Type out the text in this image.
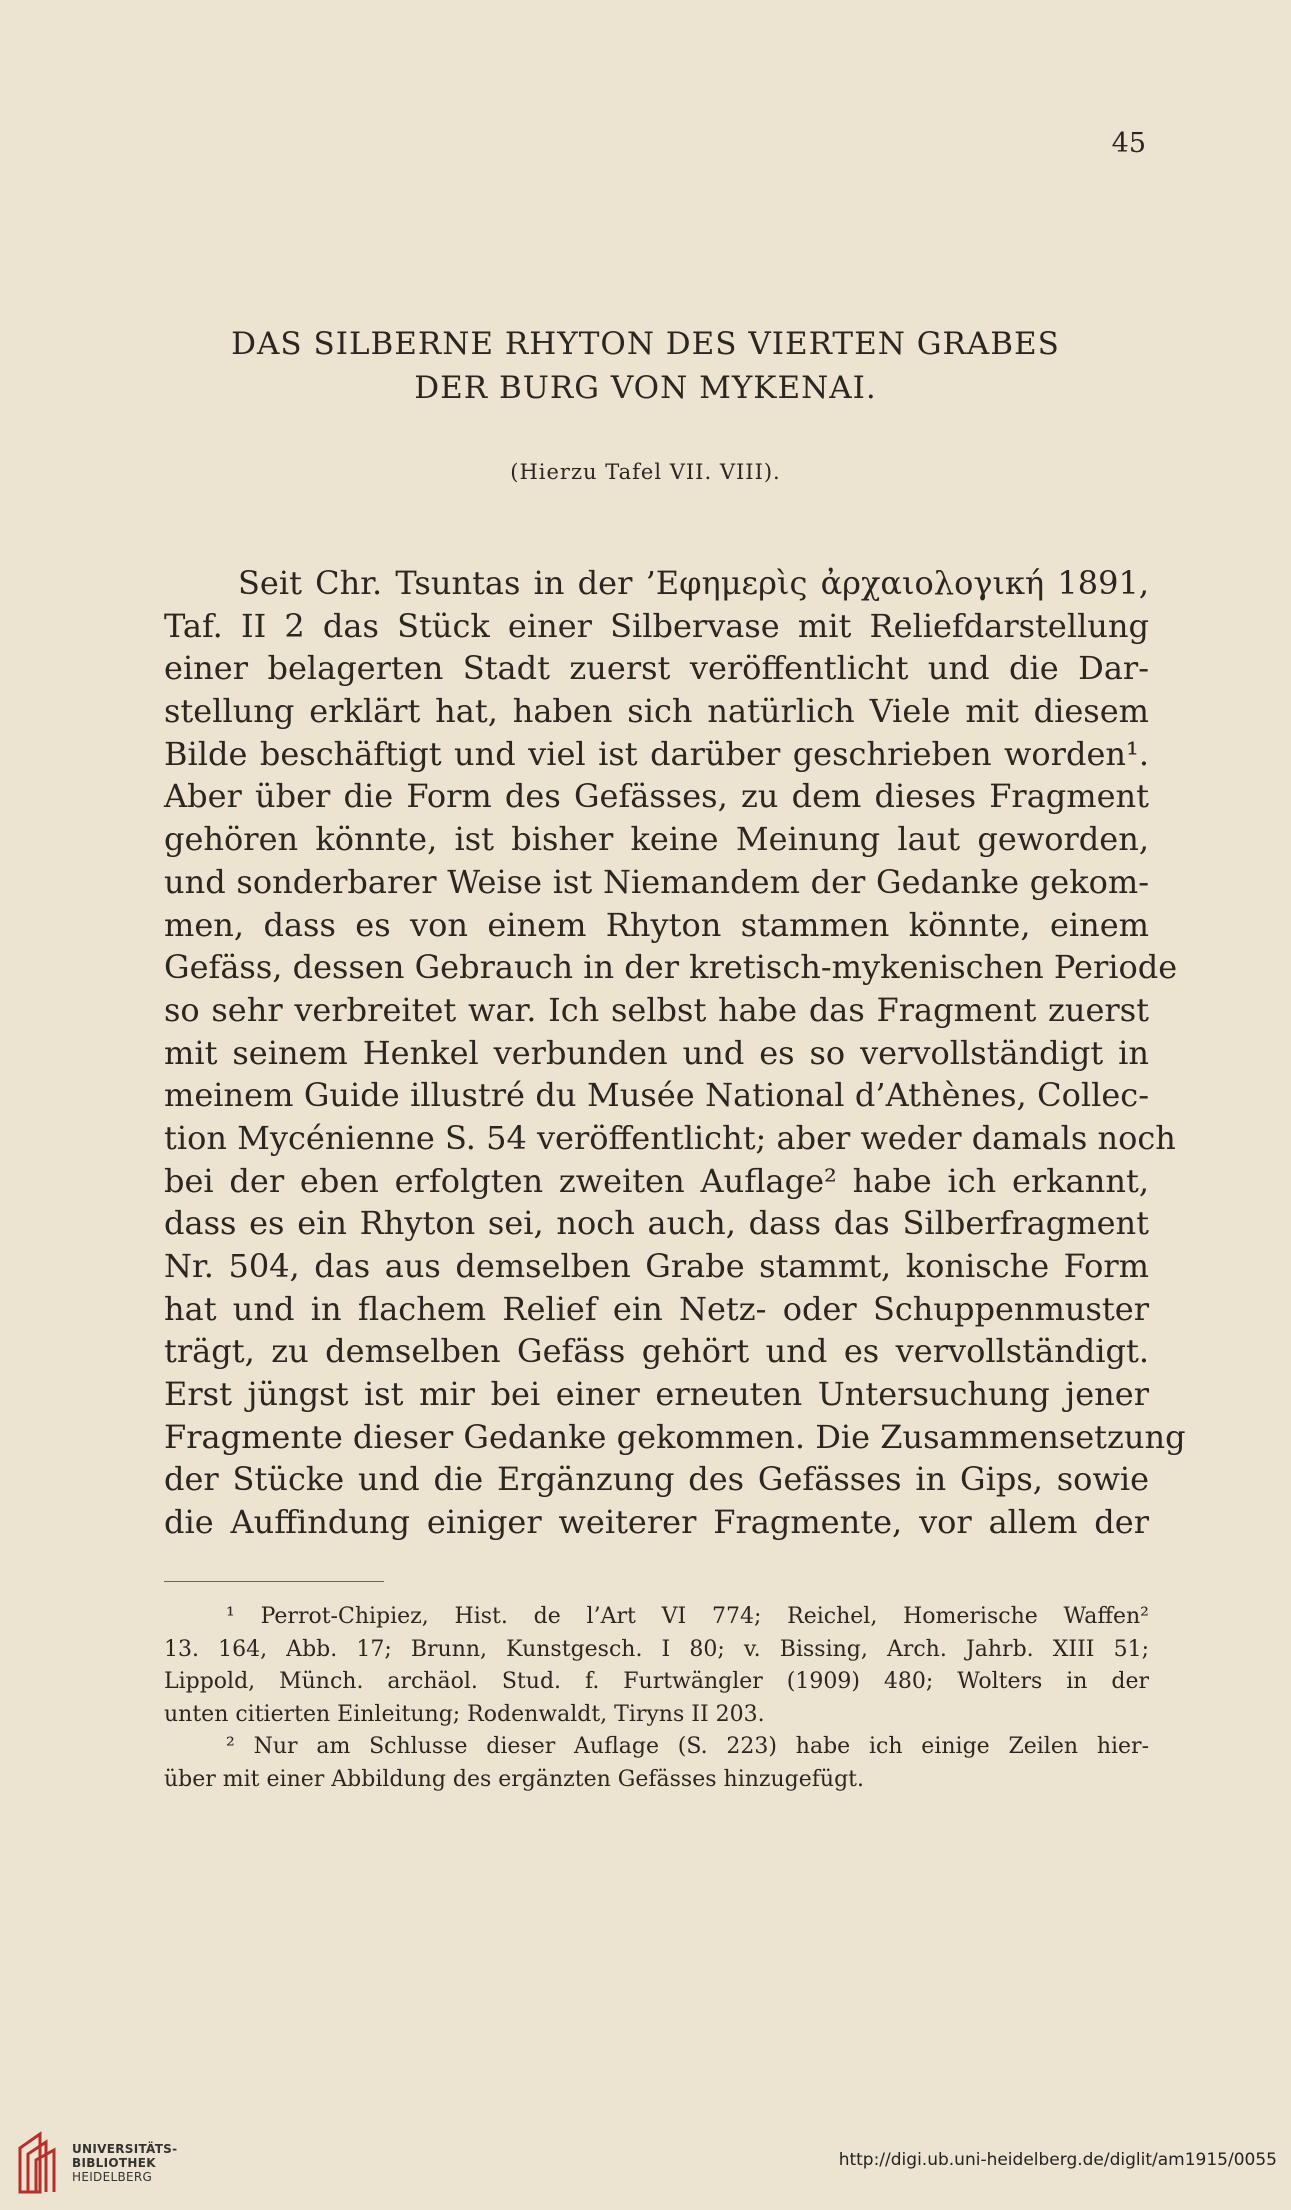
45
DAS SILBERNE RHYTON DES VIERTEN GRABES
DER BURG VON MYKENAI.
(Hierzu Tafel VII. VIII).
Seit Chr. Tsuntas in der ’Εφημερὶς ἀρχαιολογική 1891,
Taf. II 2 das Stück einer Silbervase mit Reliefdarstellung
einer belagerten Stadt zuerst veröffentlicht und die Dar-
stellung erklärt hat, haben sich natürlich Viele mit diesem
Bilde beschäftigt und viel ist darüber geschrieben worden¹.
Aber über die Form des Gefässes, zu dem dieses Fragment
gehören könnte, ist bisher keine Meinung laut geworden,
und sonderbarer Weise ist Niemandem der Gedanke gekom-
men, dass es von einem Rhyton stammen könnte, einem
Gefäss, dessen Gebrauch in der kretisch-mykenischen Periode
so sehr verbreitet war. Ich selbst habe das Fragment zuerst
mit seinem Henkel verbunden und es so vervollständigt in
meinem Guide illustré du Musée National d’Athènes, Collec-
tion Mycénienne S. 54 veröffentlicht; aber weder damals noch
bei der eben erfolgten zweiten Auflage² habe ich erkannt,
dass es ein Rhyton sei, noch auch, dass das Silberfragment
Nr. 504, das aus demselben Grabe stammt, konische Form
hat und in flachem Relief ein Netz- oder Schuppenmuster
trägt, zu demselben Gefäss gehört und es vervollständigt.
Erst jüngst ist mir bei einer erneuten Untersuchung jener
Fragmente dieser Gedanke gekommen. Die Zusammensetzung
der Stücke und die Ergänzung des Gefässes in Gips, sowie
die Auffindung einiger weiterer Fragmente, vor allem der
¹ Perrot-Chipiez, Hist. de l’Art VI 774; Reichel, Homerische Waffen²
13. 164, Abb. 17; Brunn, Kunstgesch. I 80; v. Bissing, Arch. Jahrb. XIII 51;
Lippold, Münch. archäol. Stud. f. Furtwängler (1909) 480; Wolters in der
unten citierten Einleitung; Rodenwaldt, Tiryns II 203.
² Nur am Schlusse dieser Auflage (S. 223) habe ich einige Zeilen hier-
über mit einer Abbildung des ergänzten Gefässes hinzugefügt.
UNIVERSITÄTS-
BIBLIOTHEK
HEIDELBERG
http://digi.ub.uni-heidelberg.de/diglit/am1915/0055
